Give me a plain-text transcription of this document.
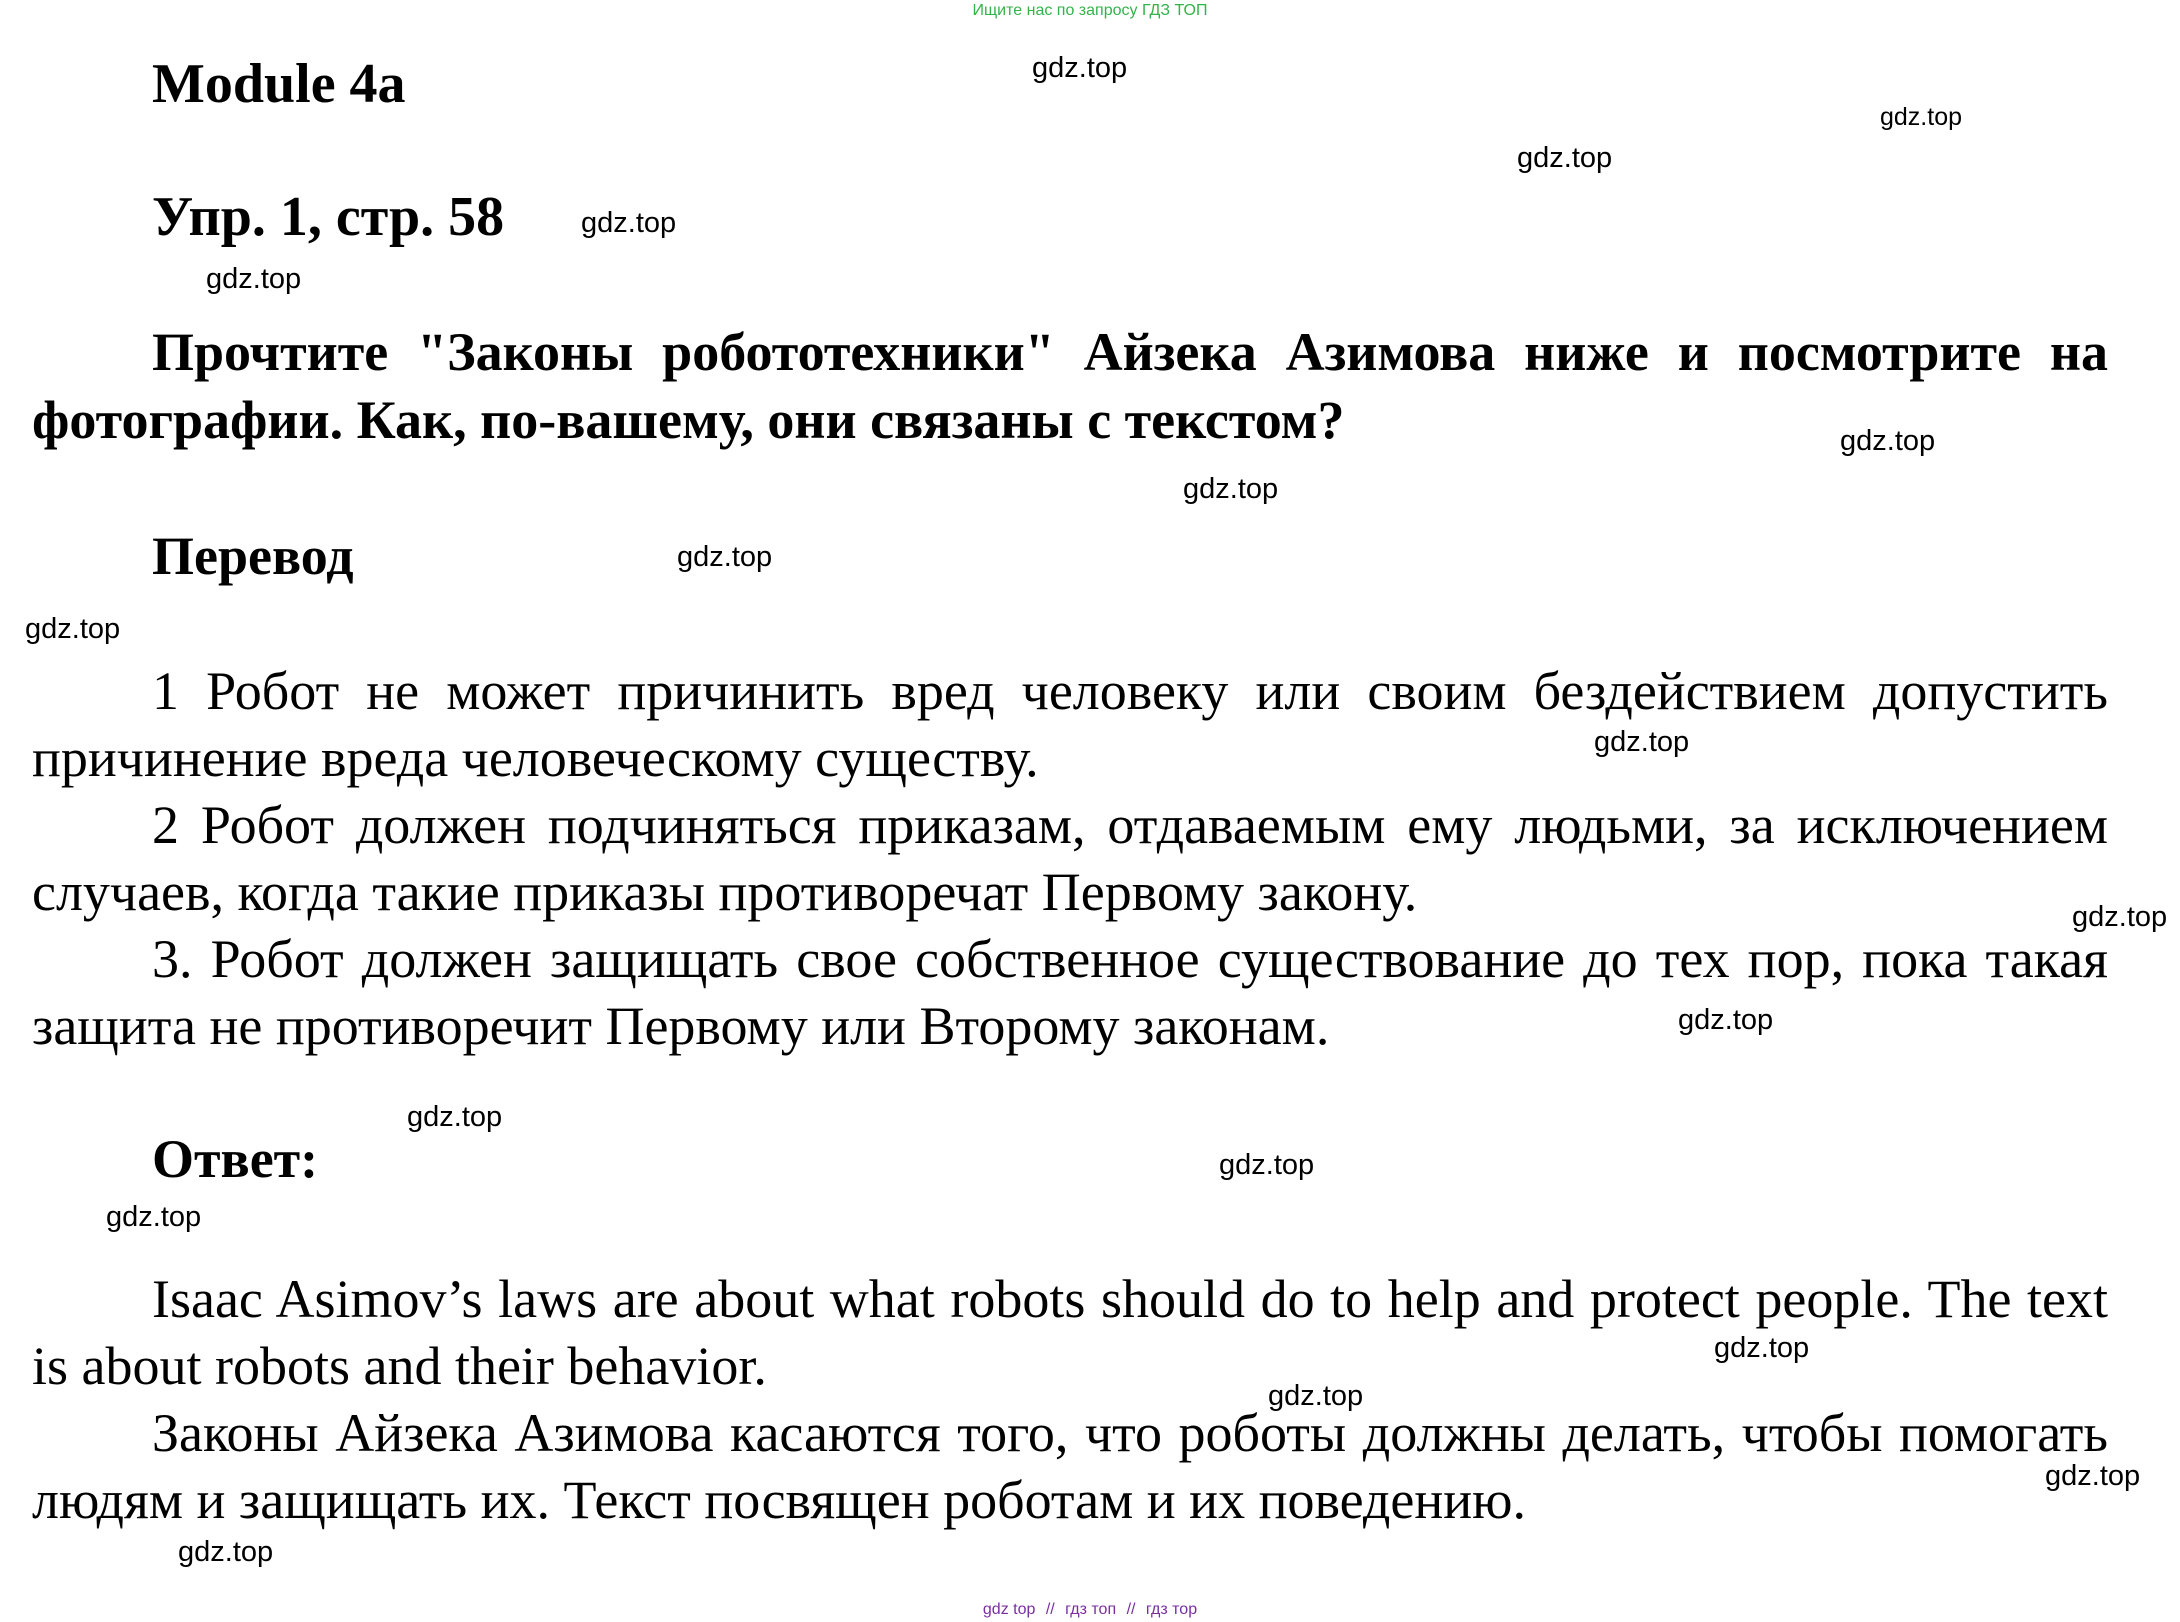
Ищите нас по запросу ГДЗ ТОП
Module 4a
Упр. 1, стр. 58

Прочтите "Законы робототехники" Айзека Азимова ниже и посмотрите на фотографии. Как, по-вашему, они связаны с текстом?

Перевод

1 Робот не может причинить вред человеку или своим бездействием допустить причинение вреда человеческому существу.

2 Робот должен подчиняться приказам, отдаваемым ему людьми, за исключением случаев, когда такие приказы противоречат Первому закону.

3. Робот должен защищать свое собственное существование до тех пор, пока такая защита не противоречит Первому или Второму законам.

Ответ:

Isaac Asimov’s laws are about what robots should do to help and protect people. The text is about robots and their behavior.

Законы Айзека Азимова касаются того, что роботы должны делать, чтобы помогать людям и защищать их. Текст посвящен роботам и их поведению.

gdz.top
gdz.top
gdz.top
gdz.top
gdz.top
gdz.top
gdz.top
gdz.top
gdz.top
gdz.top
gdz.top
gdz.top
gdz.top
gdz.top
gdz.top
gdz.top
gdz.top
gdz.top
gdz.top
gdz top // гдз топ // гдз тор
